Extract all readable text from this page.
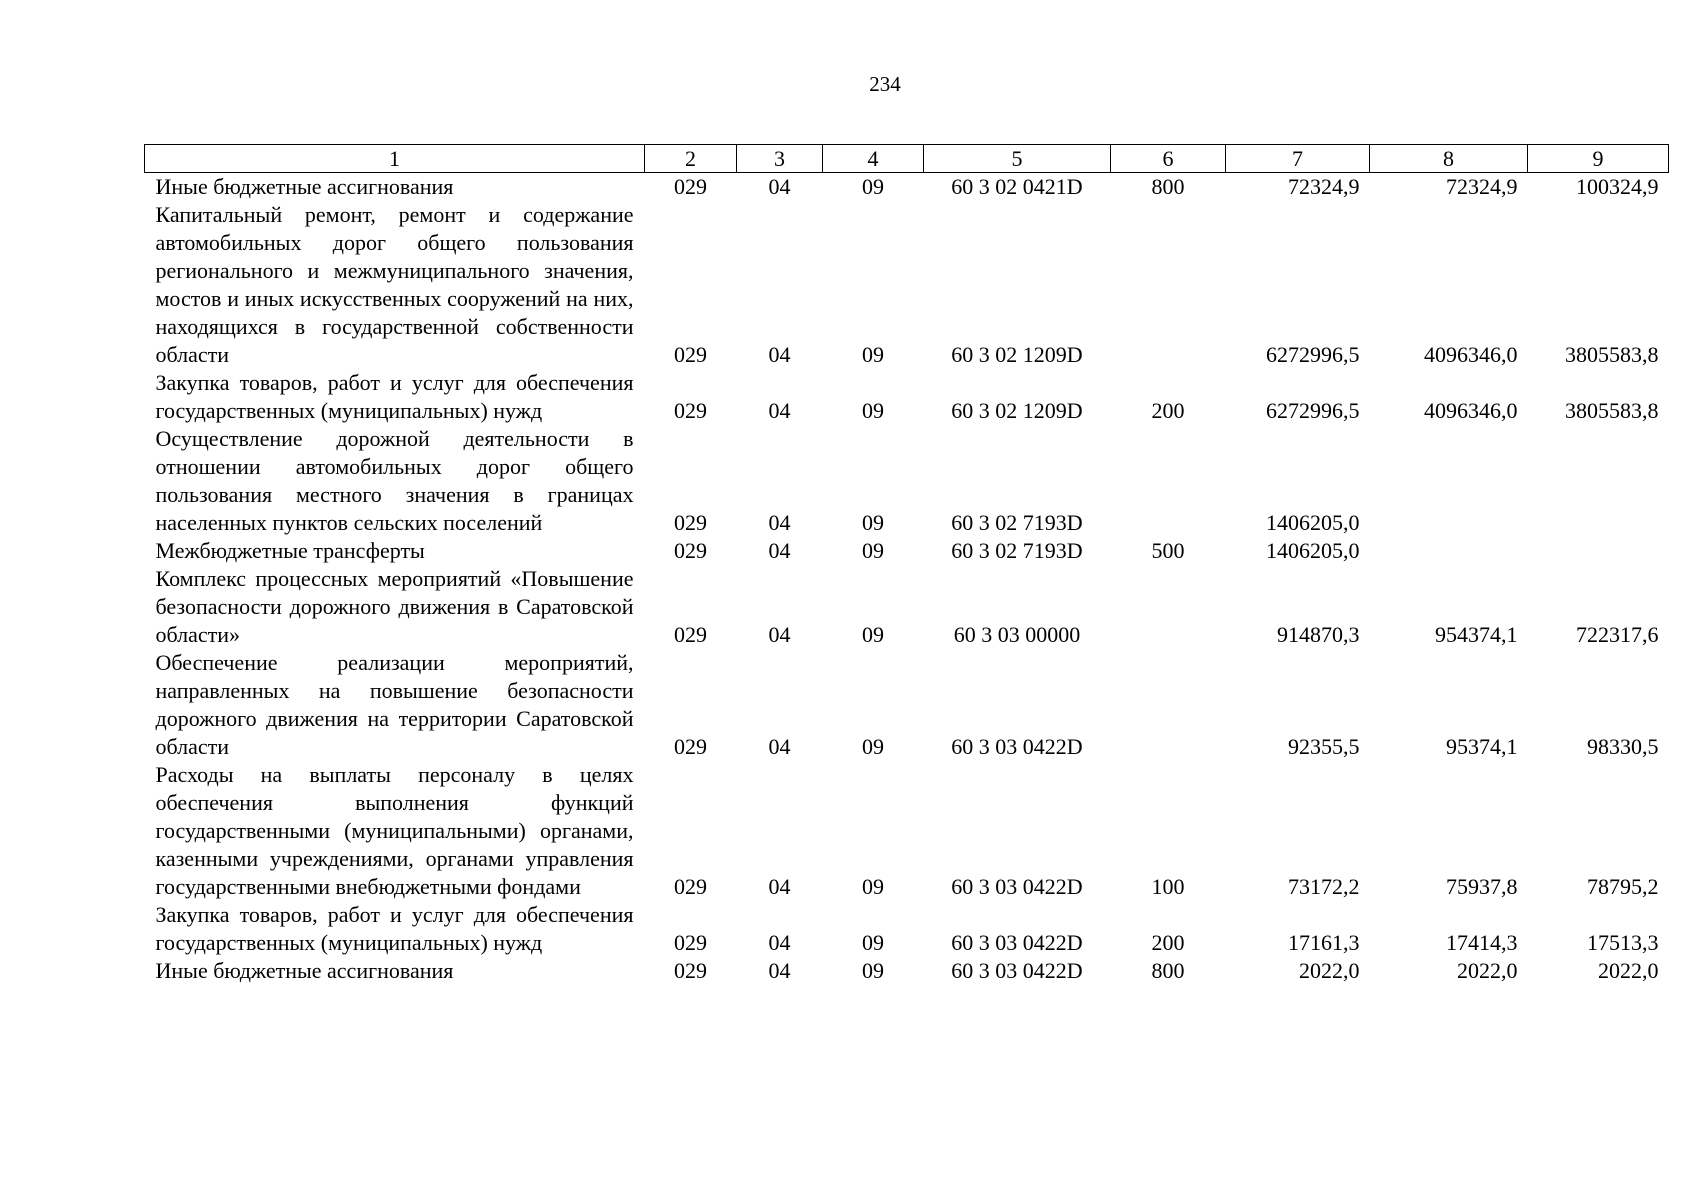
234
1	2	3	4	5	6	7	8	9
Иные бюджетные ассигнования	029	04	09	60 3 02 0421D	800	72324,9	72324,9	100324,9
Капитальный ремонт, ремонт и содержание автомобильных дорог общего пользования регионального и межмуниципального значения, мостов и иных искусственных сооружений на них, находящихся в государственной собственности области	029	04	09	60 3 02 1209D		6272996,5	4096346,0	3805583,8
Закупка товаров, работ и услуг для обеспечения государственных (муниципальных) нужд	029	04	09	60 3 02 1209D	200	6272996,5	4096346,0	3805583,8
Осуществление дорожной деятельности в отношении автомобильных дорог общего пользования местного значения в границах населенных пунктов сельских поселений	029	04	09	60 3 02 7193D		1406205,0		
Межбюджетные трансферты	029	04	09	60 3 02 7193D	500	1406205,0		
Комплекс процессных мероприятий «Повышение безопасности дорожного движения в Саратовской области»	029	04	09	60 3 03 00000		914870,3	954374,1	722317,6
Обеспечение реализации мероприятий, направленных на повышение безопасности дорожного движения на территории Саратовской области	029	04	09	60 3 03 0422D		92355,5	95374,1	98330,5
Расходы на выплаты персоналу в целях обеспечения выполнения функций государственными (муниципальными) органами, казенными учреждениями, органами управления государственными внебюджетными фондами	029	04	09	60 3 03 0422D	100	73172,2	75937,8	78795,2
Закупка товаров, работ и услуг для обеспечения государственных (муниципальных) нужд	029	04	09	60 3 03 0422D	200	17161,3	17414,3	17513,3
Иные бюджетные ассигнования	029	04	09	60 3 03 0422D	800	2022,0	2022,0	2022,0
